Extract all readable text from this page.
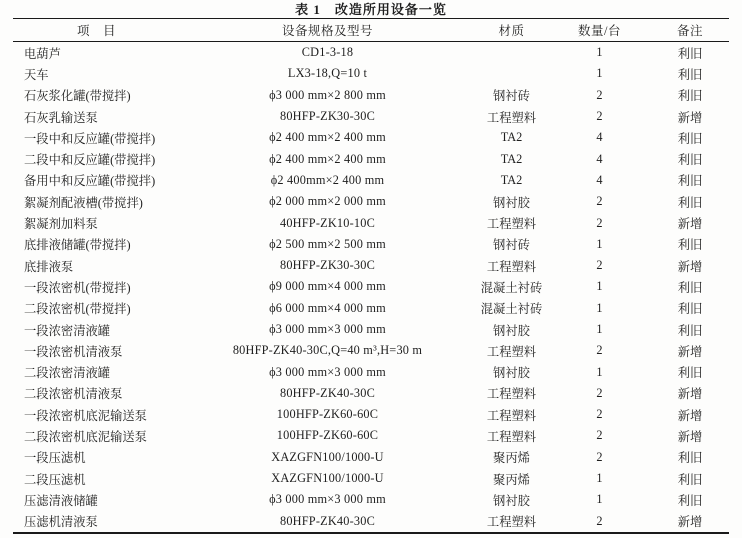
表 1　改造所用设备一览
项　目	设备规格及型号	材质	数量/台	备注
电葫芦	CD1-3-18		1	利旧
天车	LX3-18,Q=10 t		1	利旧
石灰浆化罐(带搅拌)	ϕ3 000 mm×2 800 mm	钢衬砖	2	利旧
石灰乳输送泵	80HFP-ZK30-30C	工程塑料	2	新增
一段中和反应罐(带搅拌)	ϕ2 400 mm×2 400 mm	TA2	4	利旧
二段中和反应罐(带搅拌)	ϕ2 400 mm×2 400 mm	TA2	4	利旧
备用中和反应罐(带搅拌)	ϕ2 400mm×2 400 mm	TA2	4	利旧
絮凝剂配液槽(带搅拌)	ϕ2 000 mm×2 000 mm	钢衬胶	2	利旧
絮凝剂加料泵	40HFP-ZK10-10C	工程塑料	2	新增
底排液储罐(带搅拌)	ϕ2 500 mm×2 500 mm	钢衬砖	1	利旧
底排液泵	80HFP-ZK30-30C	工程塑料	2	新增
一段浓密机(带搅拌)	ϕ9 000 mm×4 000 mm	混凝土衬砖	1	利旧
二段浓密机(带搅拌)	ϕ6 000 mm×4 000 mm	混凝土衬砖	1	利旧
一段浓密清液罐	ϕ3 000 mm×3 000 mm	钢衬胶	1	利旧
一段浓密机清液泵	80HFP-ZK40-30C,Q=40 m³,H=30 m	工程塑料	2	新增
二段浓密清液罐	ϕ3 000 mm×3 000 mm	钢衬胶	1	利旧
二段浓密机清液泵	80HFP-ZK40-30C	工程塑料	2	新增
一段浓密机底泥输送泵	100HFP-ZK60-60C	工程塑料	2	新增
二段浓密机底泥输送泵	100HFP-ZK60-60C	工程塑料	2	新增
一段压滤机	XAZGFN100/1000-U	聚丙烯	2	利旧
二段压滤机	XAZGFN100/1000-U	聚丙烯	1	利旧
压滤清液储罐	ϕ3 000 mm×3 000 mm	钢衬胶	1	利旧
压滤机清液泵	80HFP-ZK40-30C	工程塑料	2	新增
